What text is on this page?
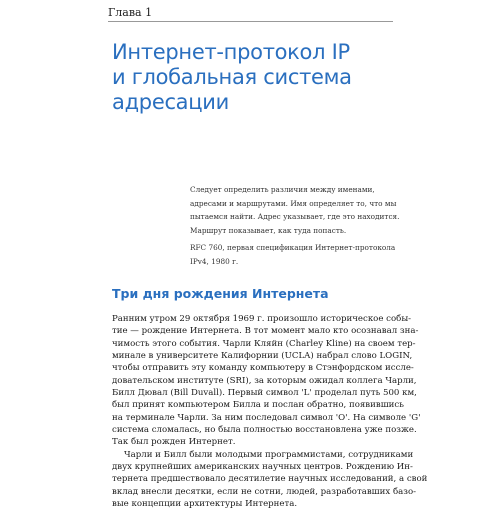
Глава 1
Интернет-протокол IP
и глобальная система
адресации
Следует определить различия между именами,
адресами и маршрутами. Имя определяет то, что мы
пытаемся найти. Адрес указывает, где это находится.
Маршрут показывает, как туда попасть.
RFC 760, первая спецификация Интернет-протокола
IPv4, 1980 г.
Три дня рождения Интернета
Ранним утром 29 октября 1969 г. произошло историческое собы-
тие — рождение Интернета. В тот момент мало кто осознавал зна-
чимость этого события. Чарли Кляйн (Charley Kline) на своем тер-
минале в университете Калифорнии (UCLA) набрал слово LOGIN,
чтобы отправить эту команду компьютеру в Стэнфордском иссле-
довательском институте (SRI), за которым ожидал коллега Чарли,
Билл Дювал (Bill Duvall). Первый символ 'L' проделал путь 500 км,
был принят компьютером Билла и послан обратно, появившись
на терминале Чарли. За ним последовал символ 'O'. На символе 'G'
система сломалась, но была полностью восстановлена уже позже.
Так был рожден Интернет.
Чарли и Билл были молодыми программистами, сотрудниками
двух крупнейших американских научных центров. Рождению Ин-
тернета предшествовало десятилетие научных исследований, а свой
вклад внесли десятки, если не сотни, людей, разработавших базо-
вые концепции архитектуры Интернета.
